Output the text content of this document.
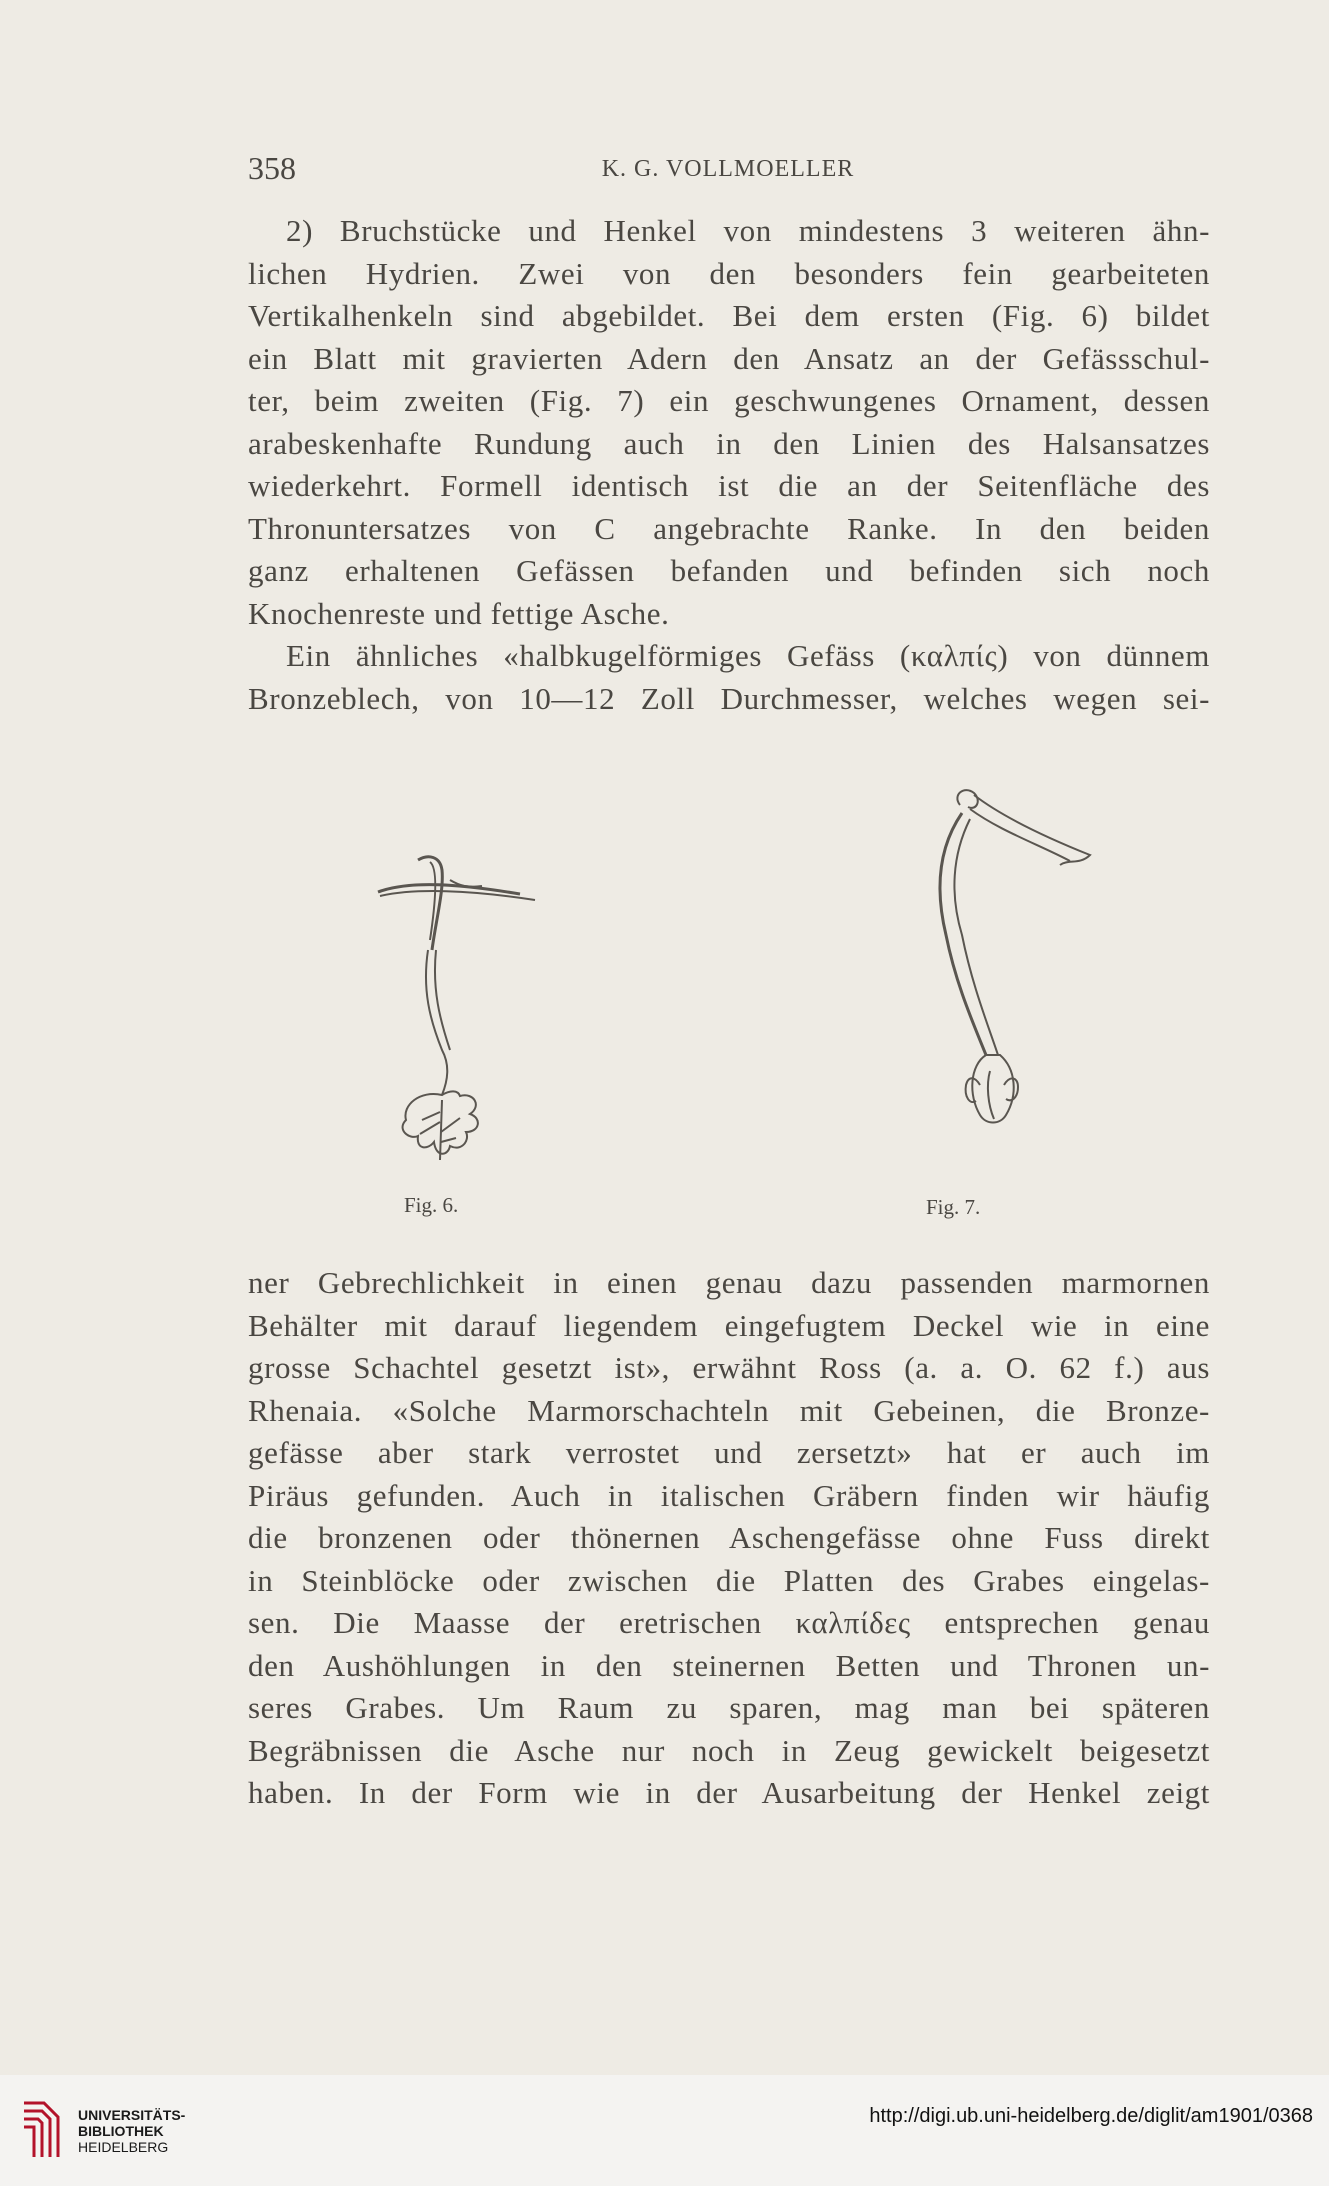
358	K. G. VOLLMOELLER
2) Bruchstücke und Henkel von mindestens 3 weiteren ähn-
lichen Hydrien. Zwei von den besonders fein gearbeiteten
Vertikalhenkeln sind abgebildet. Bei dem ersten (Fig. 6) bildet
ein Blatt mit gravierten Adern den Ansatz an der Gefässschul-
ter, beim zweiten (Fig. 7) ein geschwungenes Ornament, dessen
arabeskenhafte Rundung auch in den Linien des Halsansatzes
wiederkehrt. Formell identisch ist die an der Seitenfläche des
Thronuntersatzes von C angebrachte Ranke. In den beiden
ganz erhaltenen Gefässen befanden und befinden sich noch
Knochenreste und fettige Asche.
Ein ähnliches «halbkugelförmiges Gefäss (καλπίς) von dünnem
Bronzeblech, von 10—12 Zoll Durchmesser, welches wegen sei-
Fig. 6.	Fig. 7.
ner Gebrechlichkeit in einen genau dazu passenden marmornen
Behälter mit darauf liegendem eingefugtem Deckel wie in eine
grosse Schachtel gesetzt ist», erwähnt Ross (a. a. O. 62 f.) aus
Rhenaia. «Solche Marmorschachteln mit Gebeinen, die Bronze-
gefässe aber stark verrostet und zersetzt» hat er auch im
Piräus gefunden. Auch in italischen Gräbern finden wir häufig
die bronzenen oder thönernen Aschengefässe ohne Fuss direkt
in Steinblöcke oder zwischen die Platten des Grabes eingelas-
sen. Die Maasse der eretrischen καλπίδες entsprechen genau
den Aushöhlungen in den steinernen Betten und Thronen un-
seres Grabes. Um Raum zu sparen, mag man bei späteren
Begräbnissen die Asche nur noch in Zeug gewickelt beigesetzt
haben. In der Form wie in der Ausarbeitung der Henkel zeigt
UNIVERSITÄTS-
BIBLIOTHEK
HEIDELBERG
http://digi.ub.uni-heidelberg.de/diglit/am1901/0368
